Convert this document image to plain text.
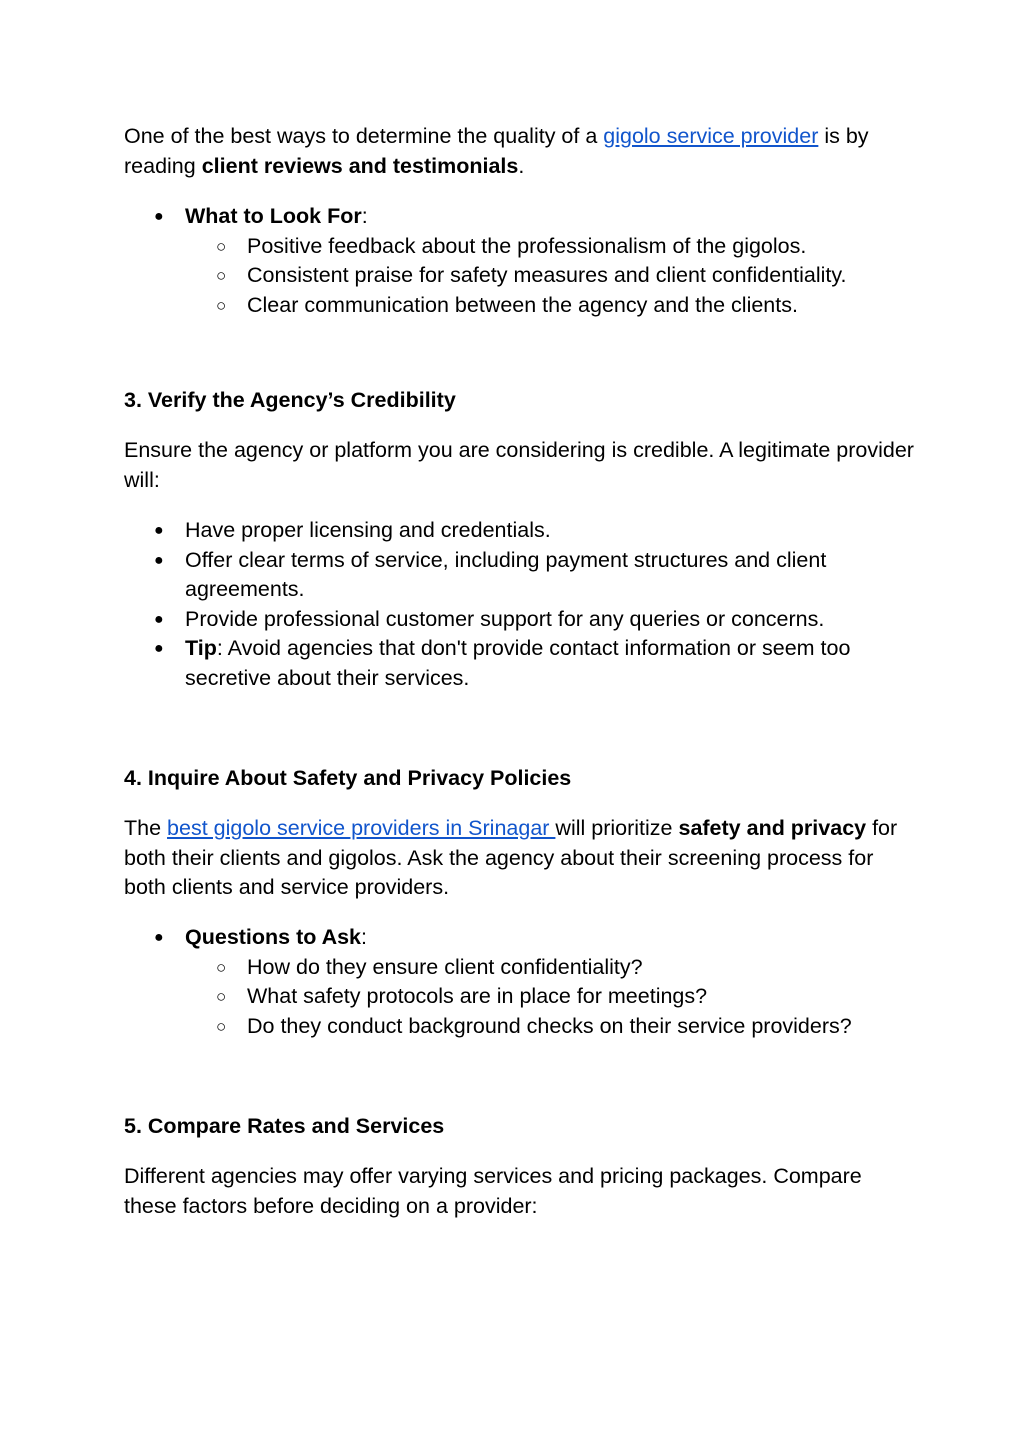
One of the best ways to determine the quality of a gigolo service provider is by reading client reviews and testimonials.

● What to Look For:
○ Positive feedback about the professionalism of the gigolos.
○ Consistent praise for safety measures and client confidentiality.
○ Clear communication between the agency and the clients.
3. Verify the Agency’s Credibility

Ensure the agency or platform you are considering is credible. A legitimate provider will:

● Have proper licensing and credentials.
● Offer clear terms of service, including payment structures and client agreements.
● Provide professional customer support for any queries or concerns.
● Tip: Avoid agencies that don't provide contact information or seem too secretive about their services.
4. Inquire About Safety and Privacy Policies

The best gigolo service providers in Srinagar will prioritize safety and privacy for both their clients and gigolos. Ask the agency about their screening process for both clients and service providers.

● Questions to Ask:
○ How do they ensure client confidentiality?
○ What safety protocols are in place for meetings?
○ Do they conduct background checks on their service providers?
5. Compare Rates and Services

Different agencies may offer varying services and pricing packages. Compare these factors before deciding on a provider:
